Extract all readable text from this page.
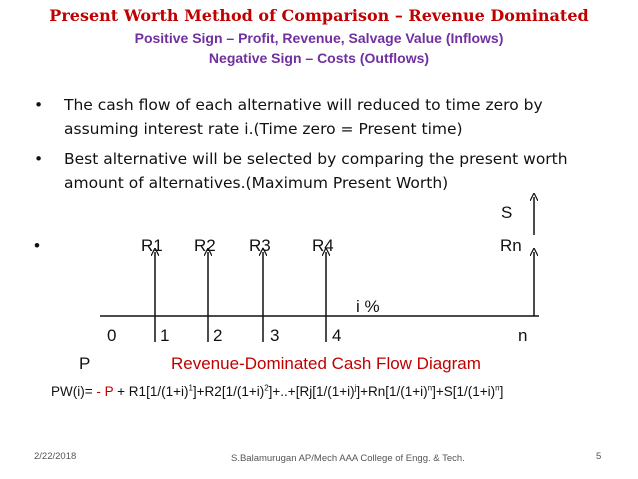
Present Worth Method of Comparison – Revenue Dominated
Positive Sign – Profit, Revenue, Salvage Value (Inflows)
Negative Sign – Costs (Outflows)
• The cash flow of each alternative will reduced to time zero by assuming interest rate i.(Time zero = Present time)
• Best alternative will be selected by comparing the present worth amount of alternatives.(Maximum Present Worth)
S
•	R1 R2 R3 R4	Rn
i %
0	1	2	3	4	n
P	Revenue-Dominated Cash Flow Diagram
$PW(i)= - P + R1[1/(1+i)^1]+R2[1/(1+i)^2]+..+[Rj[1/(1+i)^j]+Rn[1/(1+i)^n]+S[1/(1+i)^n]$
2/22/2018	S.Balamurugan AP/Mech AAA College of Engg. & Tech.	5
